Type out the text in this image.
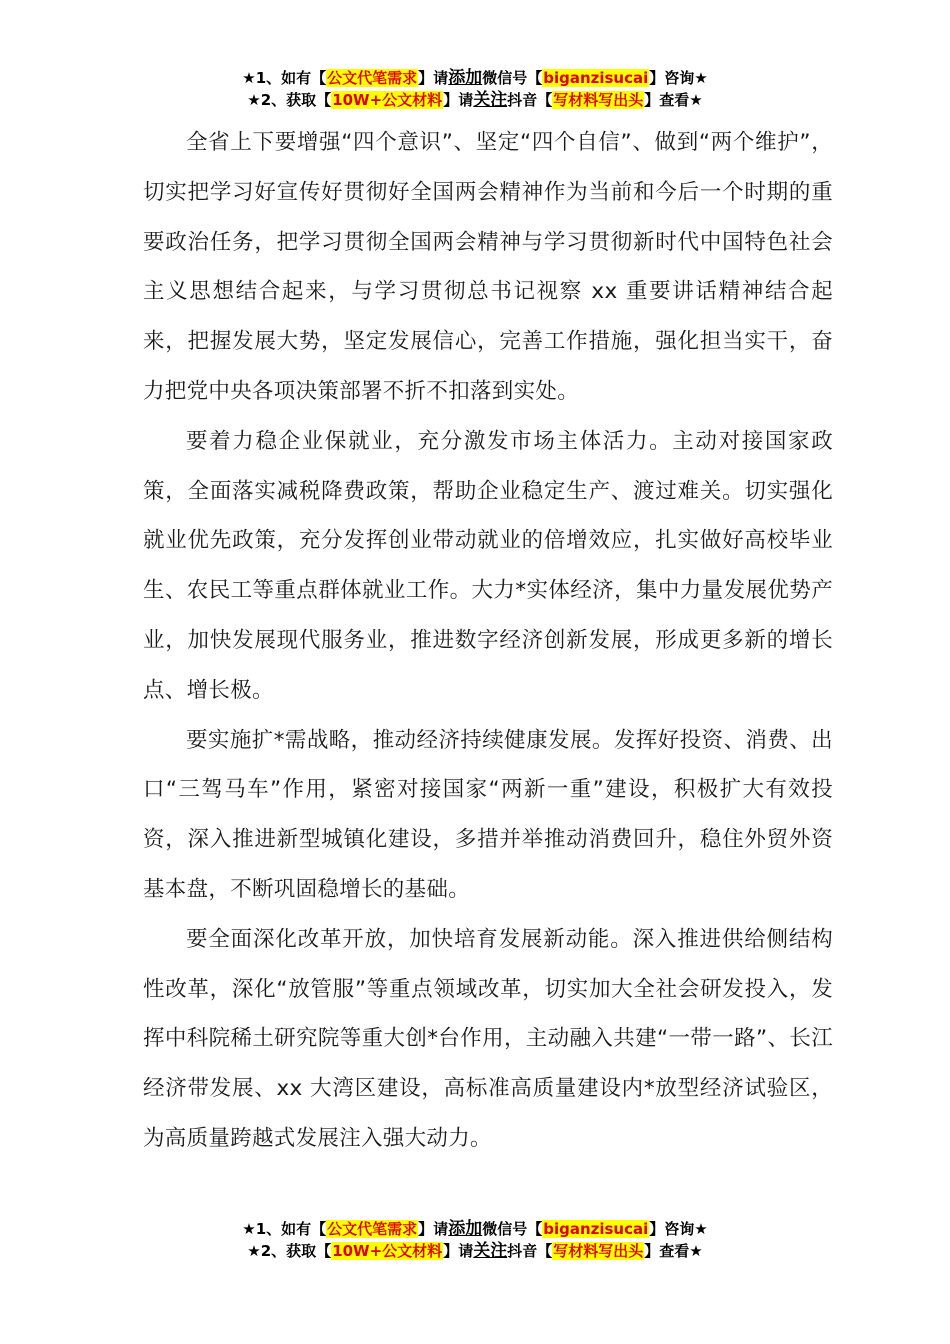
★1、如有【公文代笔需求】请添加微信号【biganzisucai】咨询★
★2、获取【10W+公文材料】请关注抖音【写材料写出头】查看★

全省上下要增强“四个意识”、坚定“四个自信”、做到“两个维护”，切实把学习好宣传好贯彻好全国两会精神作为当前和今后一个时期的重要政治任务，把学习贯彻全国两会精神与学习贯彻新时代中国特色社会主义思想结合起来，与学习贯彻总书记视察 xx 重要讲话精神结合起来，把握发展大势，坚定发展信心，完善工作措施，强化担当实干，奋力把党中央各项决策部署不折不扣落到实处。

要着力稳企业保就业，充分激发市场主体活力。主动对接国家政策，全面落实减税降费政策，帮助企业稳定生产、渡过难关。切实强化就业优先政策，充分发挥创业带动就业的倍增效应，扎实做好高校毕业生、农民工等重点群体就业工作。大力*实体经济，集中力量发展优势产业，加快发展现代服务业，推进数字经济创新发展，形成更多新的增长点、增长极。

要实施扩*需战略，推动经济持续健康发展。发挥好投资、消费、出口“三驾马车”作用，紧密对接国家“两新一重”建设，积极扩大有效投资，深入推进新型城镇化建设，多措并举推动消费回升，稳住外贸外资基本盘，不断巩固稳增长的基础。

要全面深化改革开放，加快培育发展新动能。深入推进供给侧结构性改革，深化“放管服”等重点领域改革，切实加大全社会研发投入，发挥中科院稀土研究院等重大创*台作用，主动融入共建“一带一路”、长江经济带发展、xx 大湾区建设，高标准高质量建设内*放型经济试验区，为高质量跨越式发展注入强大动力。

★1、如有【公文代笔需求】请添加微信号【biganzisucai】咨询★
★2、获取【10W+公文材料】请关注抖音【写材料写出头】查看★
